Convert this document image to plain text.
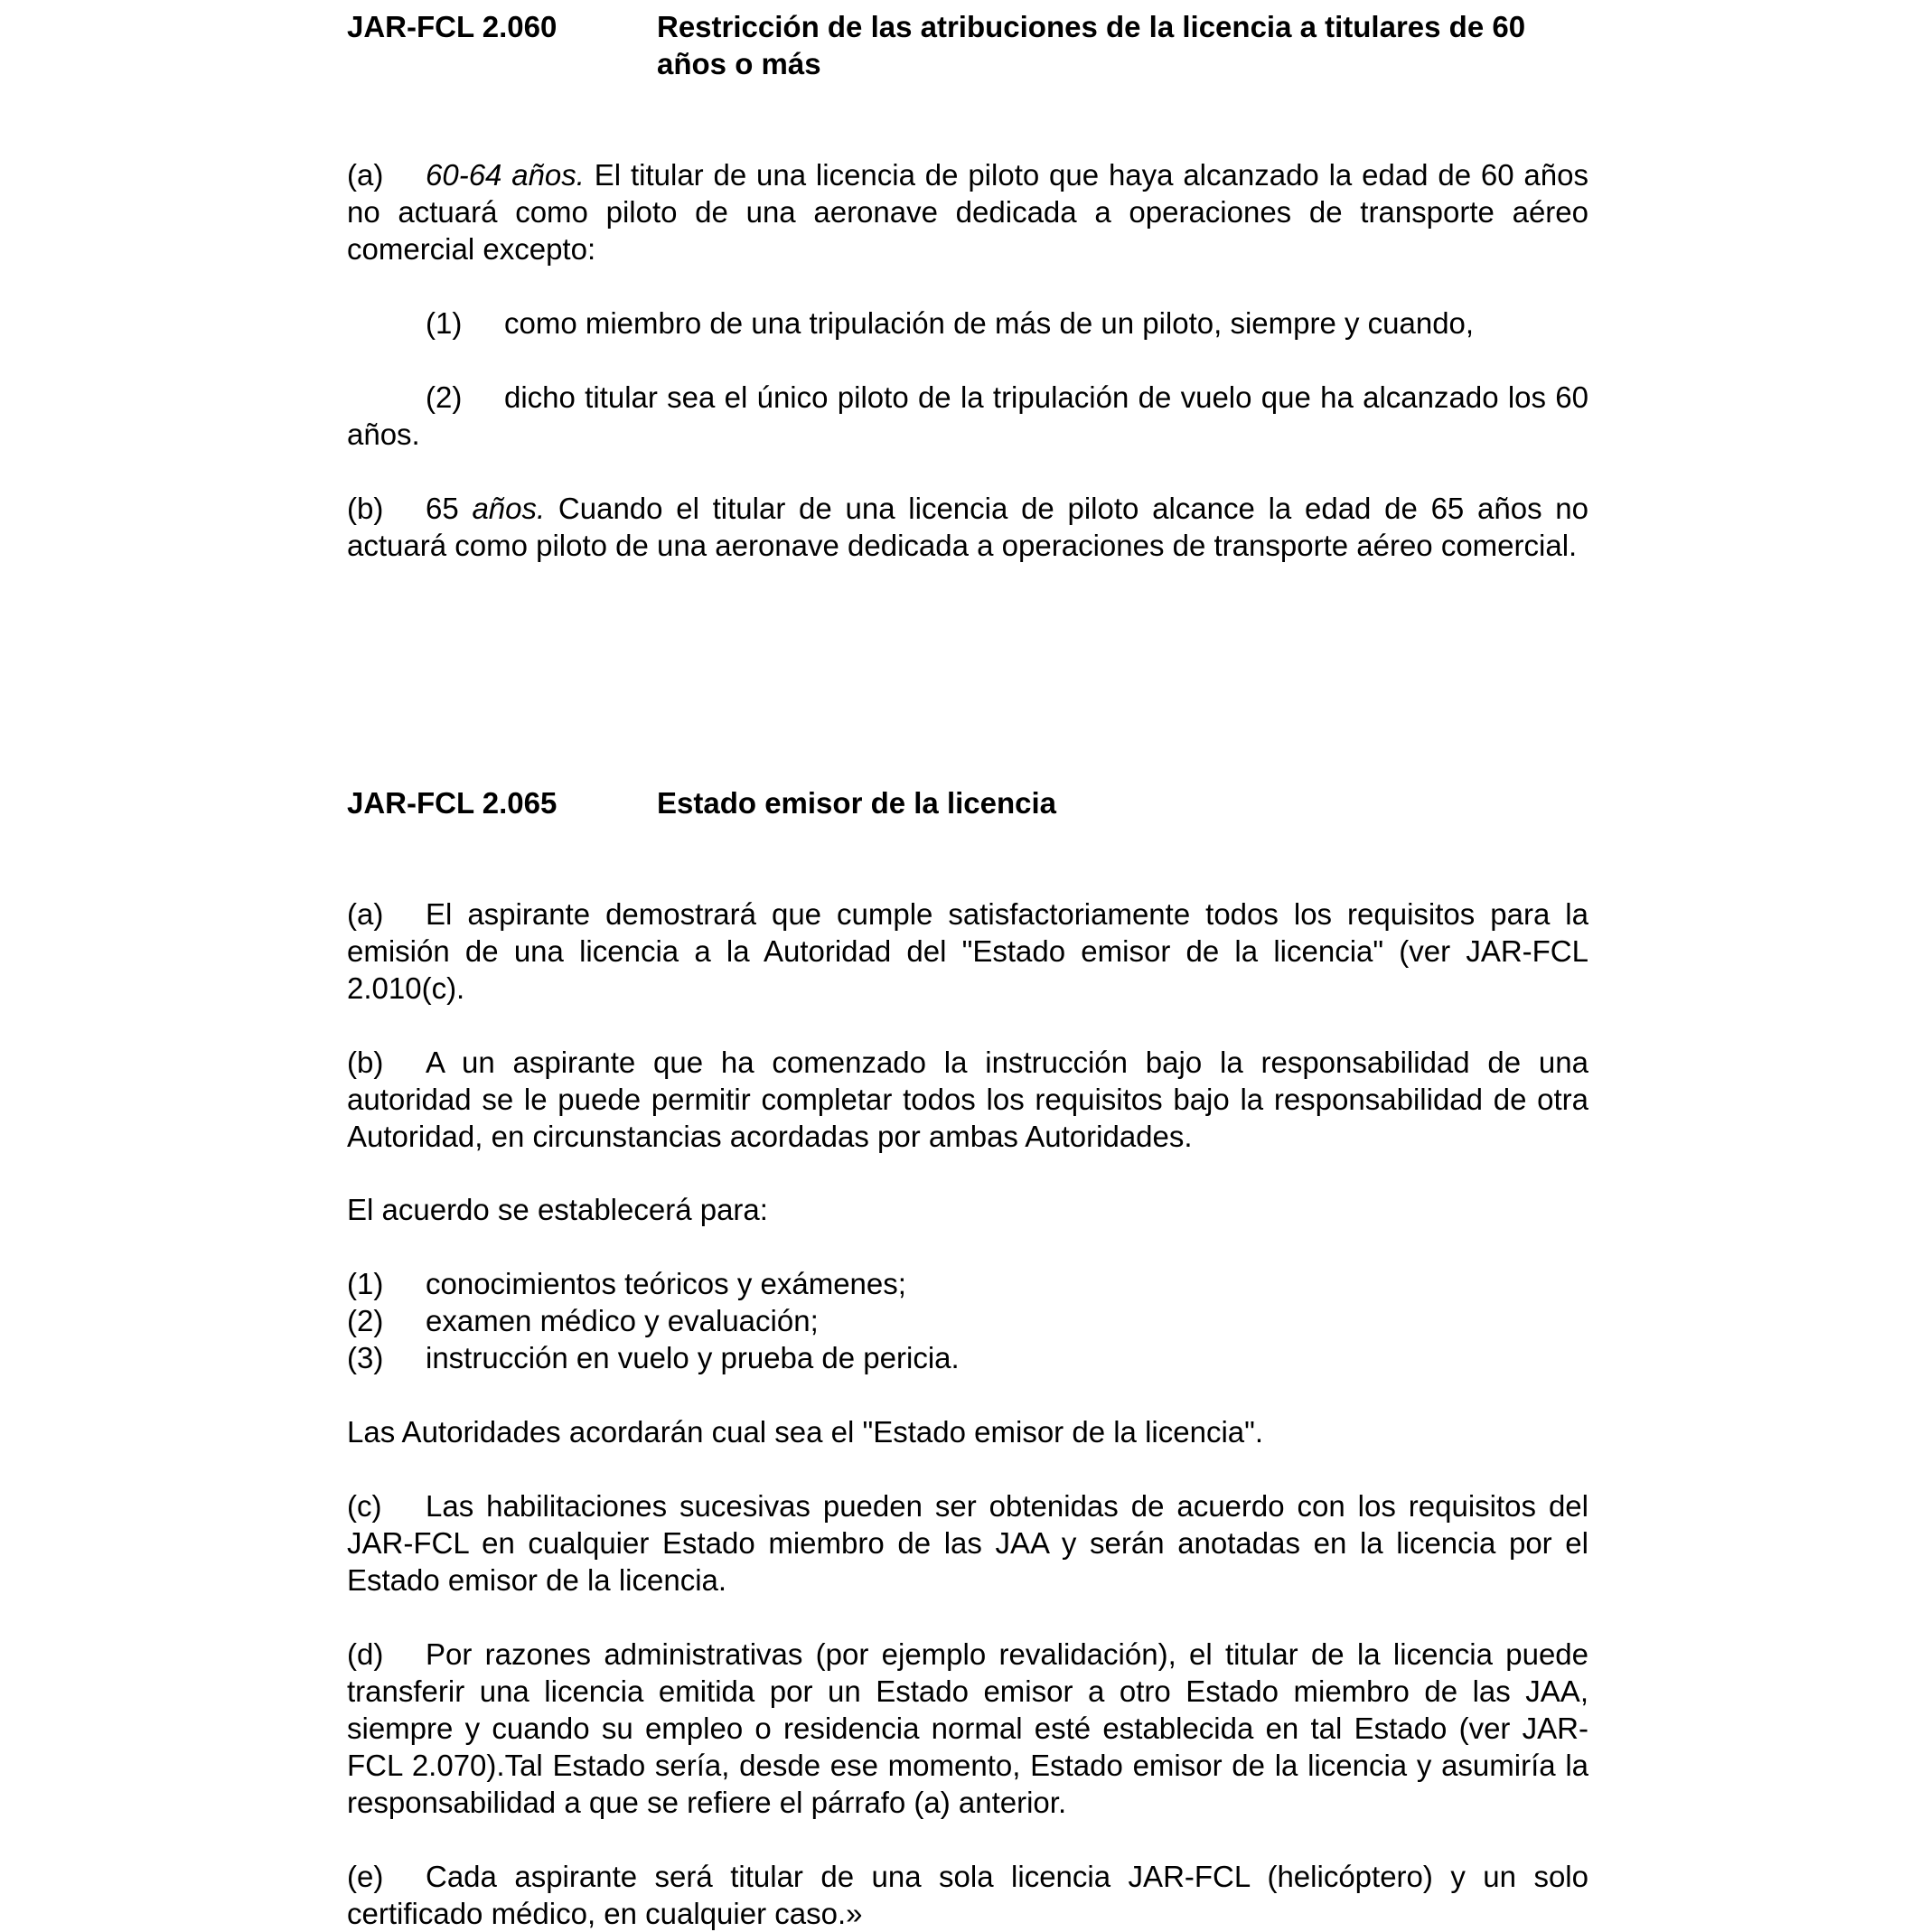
JAR-FCL 2.060	Restricción de las atribuciones de la licencia a titulares de 60 años o más
(a) 60-64 años. El titular de una licencia de piloto que haya alcanzado la edad de 60 años no actuará como piloto de una aeronave dedicada a operaciones de transporte aéreo comercial excepto:
(1) como miembro de una tripulación de más de un piloto, siempre y cuando,
(2) dicho titular sea el único piloto de la tripulación de vuelo que ha alcanzado los 60 años.
(b) 65 años. Cuando el titular de una licencia de piloto alcance la edad de 65 años no actuará como piloto de una aeronave dedicada a operaciones de transporte aéreo comercial.
JAR-FCL 2.065	Estado emisor de la licencia
(a) El aspirante demostrará que cumple satisfactoriamente todos los requisitos para la emisión de una licencia a la Autoridad del "Estado emisor de la licencia" (ver JAR-FCL 2.010(c).
(b) A un aspirante que ha comenzado la instrucción bajo la responsabilidad de una autoridad se le puede permitir completar todos los requisitos bajo la responsabilidad de otra Autoridad, en circunstancias acordadas por ambas Autoridades.
El acuerdo se establecerá para:
(1) conocimientos teóricos y exámenes;
(2) examen médico y evaluación;
(3) instrucción en vuelo y prueba de pericia.
Las Autoridades acordarán cual sea el "Estado emisor de la licencia".
(c) Las habilitaciones sucesivas pueden ser obtenidas de acuerdo con los requisitos del JAR-FCL en cualquier Estado miembro de las JAA y serán anotadas en la licencia por el Estado emisor de la licencia.
(d) Por razones administrativas (por ejemplo revalidación), el titular de la licencia puede transferir una licencia emitida por un Estado emisor a otro Estado miembro de las JAA, siempre y cuando su empleo o residencia normal esté establecida en tal Estado (ver JAR-FCL 2.070).Tal Estado sería, desde ese momento, Estado emisor de la licencia y asumiría la responsabilidad a que se refiere el párrafo (a) anterior.
(e) Cada aspirante será titular de una sola licencia JAR-FCL (helicóptero) y un solo certificado médico, en cualquier caso.»
